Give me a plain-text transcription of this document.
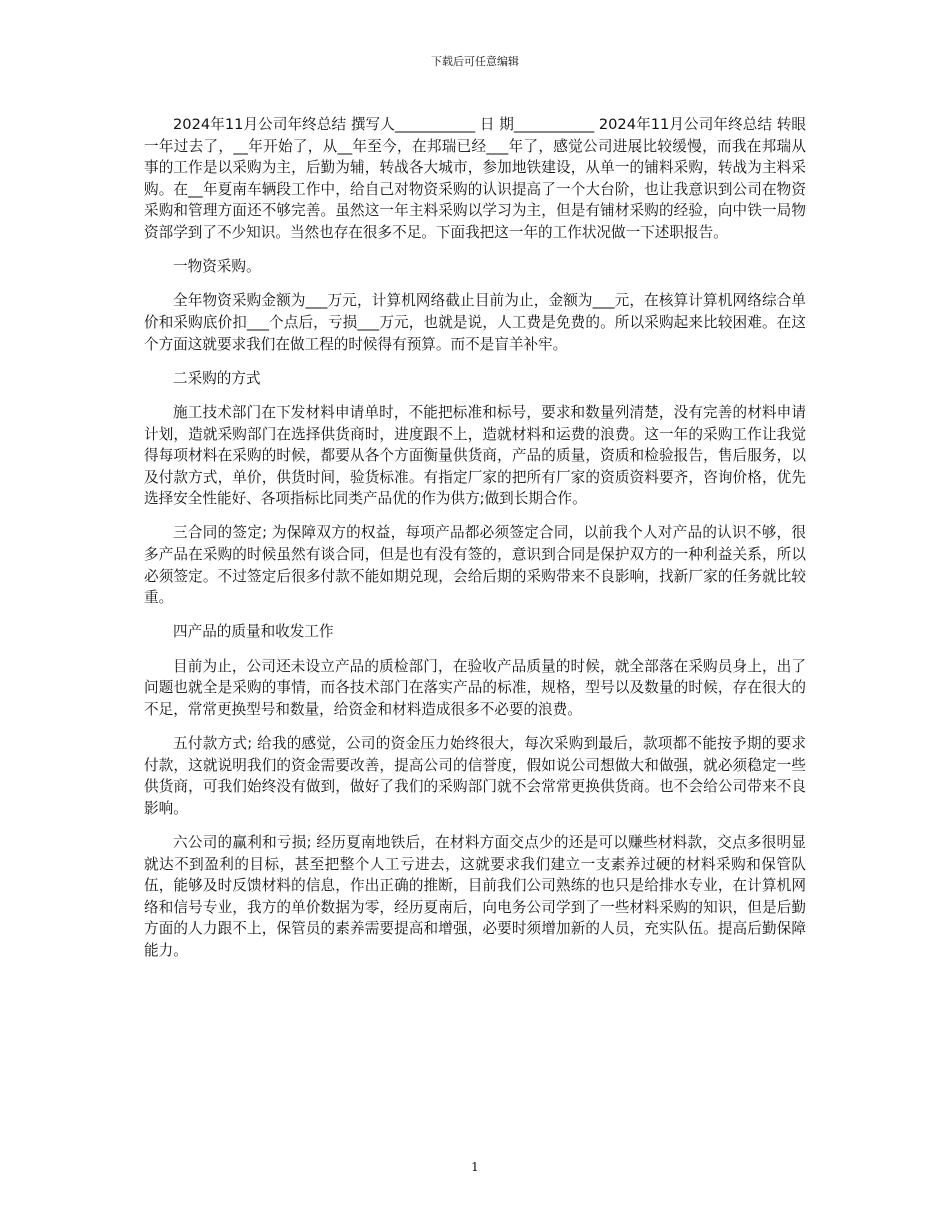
下载后可任意编辑

2024年11月公司年终总结 撰写人___________ 日 期___________ 2024年11月公司年终总结 转眼一年过去了，__年开始了，从__年至今，在邦瑞已经___年了，感觉公司进展比较缓慢，而我在邦瑞从事的工作是以采购为主，后勤为辅，转战各大城市，参加地铁建设，从单一的铺料采购，转战为主料采购。在__年夏南车辆段工作中，给自己对物资采购的认识提高了一个大台阶，也让我意识到公司在物资采购和管理方面还不够完善。虽然这一年主料采购以学习为主，但是有铺材采购的经验，向中铁一局物资部学到了不少知识。当然也存在很多不足。下面我把这一年的工作状况做一下述职报告。

一物资采购。

全年物资采购金额为___万元，计算机网络截止目前为止，金额为___元，在核算计算机网络综合单价和采购底价扣___个点后，亏损___万元，也就是说，人工费是免费的。所以采购起来比较困难。在这个方面这就要求我们在做工程的时候得有预算。而不是盲羊补牢。

二采购的方式

施工技术部门在下发材料申请单时，不能把标准和标号，要求和数量列清楚，没有完善的材料申请计划，造就采购部门在选择供货商时，进度跟不上，造就材料和运费的浪费。这一年的采购工作让我觉得每项材料在采购的时候，都要从各个方面衡量供货商，产品的质量，资质和检验报告，售后服务，以及付款方式，单价，供货时间，验货标准。有指定厂家的把所有厂家的资质资料要齐，咨询价格，优先选择安全性能好、各项指标比同类产品优的作为供方;做到长期合作。

三合同的签定; 为保障双方的权益，每项产品都必须签定合同，以前我个人对产品的认识不够，很多产品在采购的时候虽然有谈合同，但是也有没有签的，意识到合同是保护双方的一种利益关系，所以必须签定。不过签定后很多付款不能如期兑现，会给后期的采购带来不良影响，找新厂家的任务就比较重。

四产品的质量和收发工作

目前为止，公司还未设立产品的质检部门，在验收产品质量的时候，就全部落在采购员身上，出了问题也就全是采购的事情，而各技术部门在落实产品的标准，规格，型号以及数量的时候，存在很大的不足，常常更换型号和数量，给资金和材料造成很多不必要的浪费。

五付款方式; 给我的感觉，公司的资金压力始终很大，每次采购到最后，款项都不能按予期的要求付款，这就说明我们的资金需要改善，提高公司的信誉度，假如说公司想做大和做强，就必须稳定一些供货商，可我们始终没有做到，做好了我们的采购部门就不会常常更换供货商。也不会给公司带来不良影响。

六公司的赢利和亏损; 经历夏南地铁后，在材料方面交点少的还是可以赚些材料款，交点多很明显就达不到盈利的目标，甚至把整个人工亏进去，这就要求我们建立一支素养过硬的材料采购和保管队伍，能够及时反馈材料的信息，作出正确的推断，目前我们公司熟练的也只是给排水专业，在计算机网络和信号专业，我方的单价数据为零，经历夏南后，向电务公司学到了一些材料采购的知识，但是后勤方面的人力跟不上，保管员的素养需要提高和增强，必要时须增加新的人员，充实队伍。提高后勤保障能力。

1
